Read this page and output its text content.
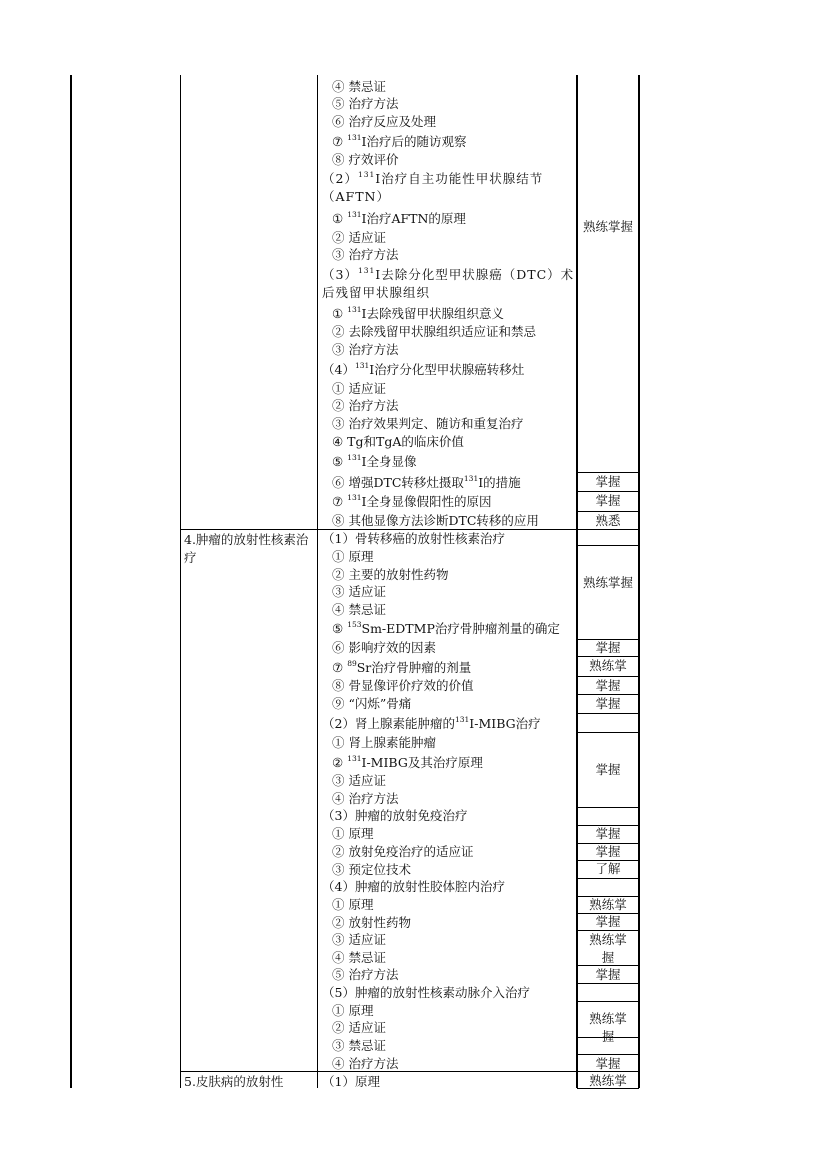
4.肿瘤的放射性核素治疗
5.皮肤病的放射性
④ 禁忌证
⑤ 治疗方法
⑥ 治疗反应及处理
⑦ $^{131}$I治疗后的随访观察
⑧ 疗效评价
$(2)^{131}I$治疗自主功能性甲状腺结节（AFTN）
① $^{131}$I治疗AFTN的原理
② 适应证
③ 治疗方法
$(3)^{131}I$去除分化型甲状腺癌（DTC）术后残留甲状腺组织
① $^{131}$I去除残留甲状腺组织意义
② 去除残留甲状腺组织适应证和禁忌
③ 治疗方法
$(4)^{131}I$治疗分化型甲状腺癌转移灶
① 适应证
② 治疗方法
③ 治疗效果判定、随访和重复治疗
④ Tg和TgA的临床价值
⑤ $^{131}$I全身显像
⑥ 增强DTC转移灶摄取$^{131}$I的措施
⑦ $^{131}$I全身显像假阳性的原因
⑧ 其他显像方法诊断DTC转移的应用
（1）骨转移癌的放射性核素治疗
① 原理
② 主要的放射性药物
③ 适应证
④ 禁忌证
⑤ $^{153}$Sm-EDTMP治疗骨肿瘤剂量的确定
⑥ 影响疗效的因素
⑦ $^{89}$Sr治疗骨肿瘤的剂量
⑧ 骨显像评价疗效的价值
⑨ “闪烁”骨痛
（2）肾上腺素能肿瘤的$^{131}$I-MIBG治疗
① 肾上腺素能肿瘤
② $^{131}$I-MIBG及其治疗原理
③ 适应证
④ 治疗方法
（3）肿瘤的放射免疫治疗
① 原理
② 放射免疫治疗的适应证
③ 预定位技术
（4）肿瘤的放射性胶体腔内治疗
① 原理
② 放射性药物
③ 适应证
④ 禁忌证
⑤ 治疗方法
（5）肿瘤的放射性核素动脉介入治疗
① 原理
② 适应证
③ 禁忌证
④ 治疗方法
（1）原理
熟练掌握
掌握
掌握
熟悉
熟练掌握
掌握
熟练掌
掌握
掌握
掌握
掌握
掌握
了解
熟练掌
掌握
熟练掌握
掌握
熟练掌握
掌握
熟练掌
